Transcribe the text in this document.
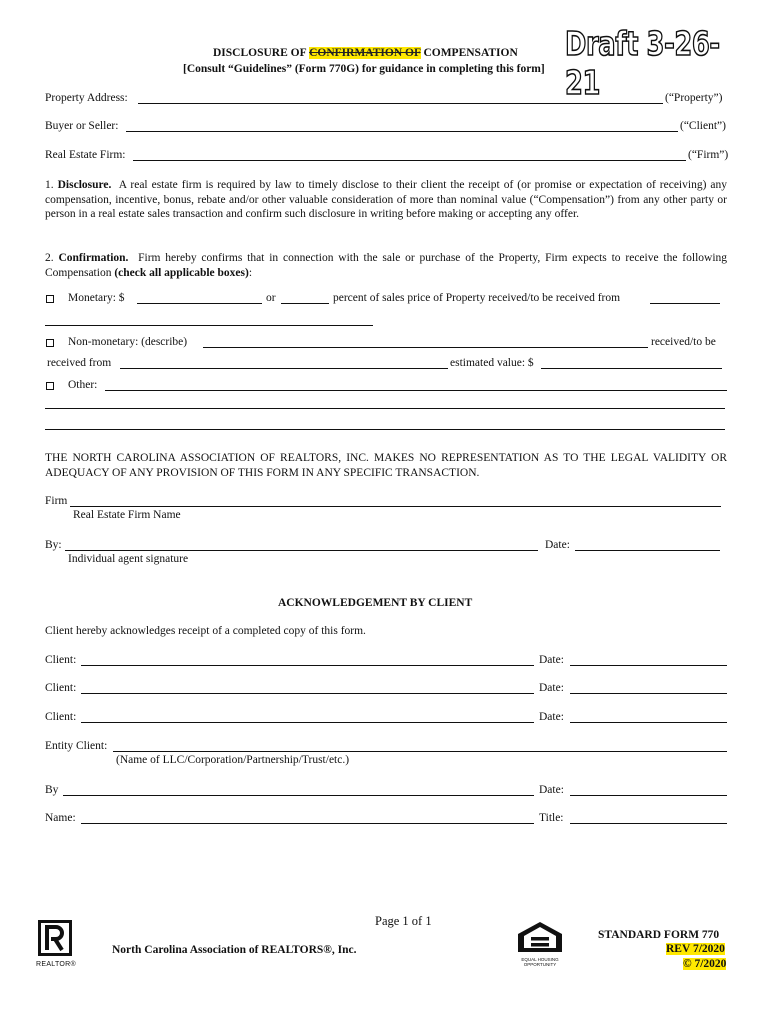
DISCLOSURE OF CONFIRMATION OF COMPENSATION Draft 3-26-21
[Consult “Guidelines” (Form 770G) for guidance in completing this form]
Property Address:	(“Property”)
Buyer or Seller:	(“Client”)
Real Estate Firm:	(“Firm”)
1. Disclosure. A real estate firm is required by law to timely disclose to their client the receipt of (or promise or expectation of receiving) any compensation, incentive, bonus, rebate and/or other valuable consideration of more than nominal value (“Compensation”) from any other party or person in a real estate sales transaction and confirm such disclosure in writing before making or accepting any offer.
2. Confirmation. Firm hereby confirms that in connection with the sale or purchase of the Property, Firm expects to receive the following Compensation (check all applicable boxes):
Monetary: $	or	percent of sales price of Property received/to be received from
Non-monetary: (describe)	received/to be
received from	estimated value: $
Other:
THE NORTH CAROLINA ASSOCIATION OF REALTORS, INC. MAKES NO REPRESENTATION AS TO THE LEGAL VALIDITY OR ADEQUACY OF ANY PROVISION OF THIS FORM IN ANY SPECIFIC TRANSACTION.
Firm
Real Estate Firm Name
By:	Date:
Individual agent signature
ACKNOWLEDGEMENT BY CLIENT
Client hereby acknowledges receipt of a completed copy of this form.
Client:	Date:
Client:	Date:
Client:	Date:
Entity Client:
(Name of LLC/Corporation/Partnership/Trust/etc.)
By	Date:
Name:	Title:
Page 1 of 1
REALTOR®
North Carolina Association of REALTORS®, Inc.
EQUAL HOUSING OPPORTUNITY
STANDARD FORM 770
REV 7/2020
© 7/2020
